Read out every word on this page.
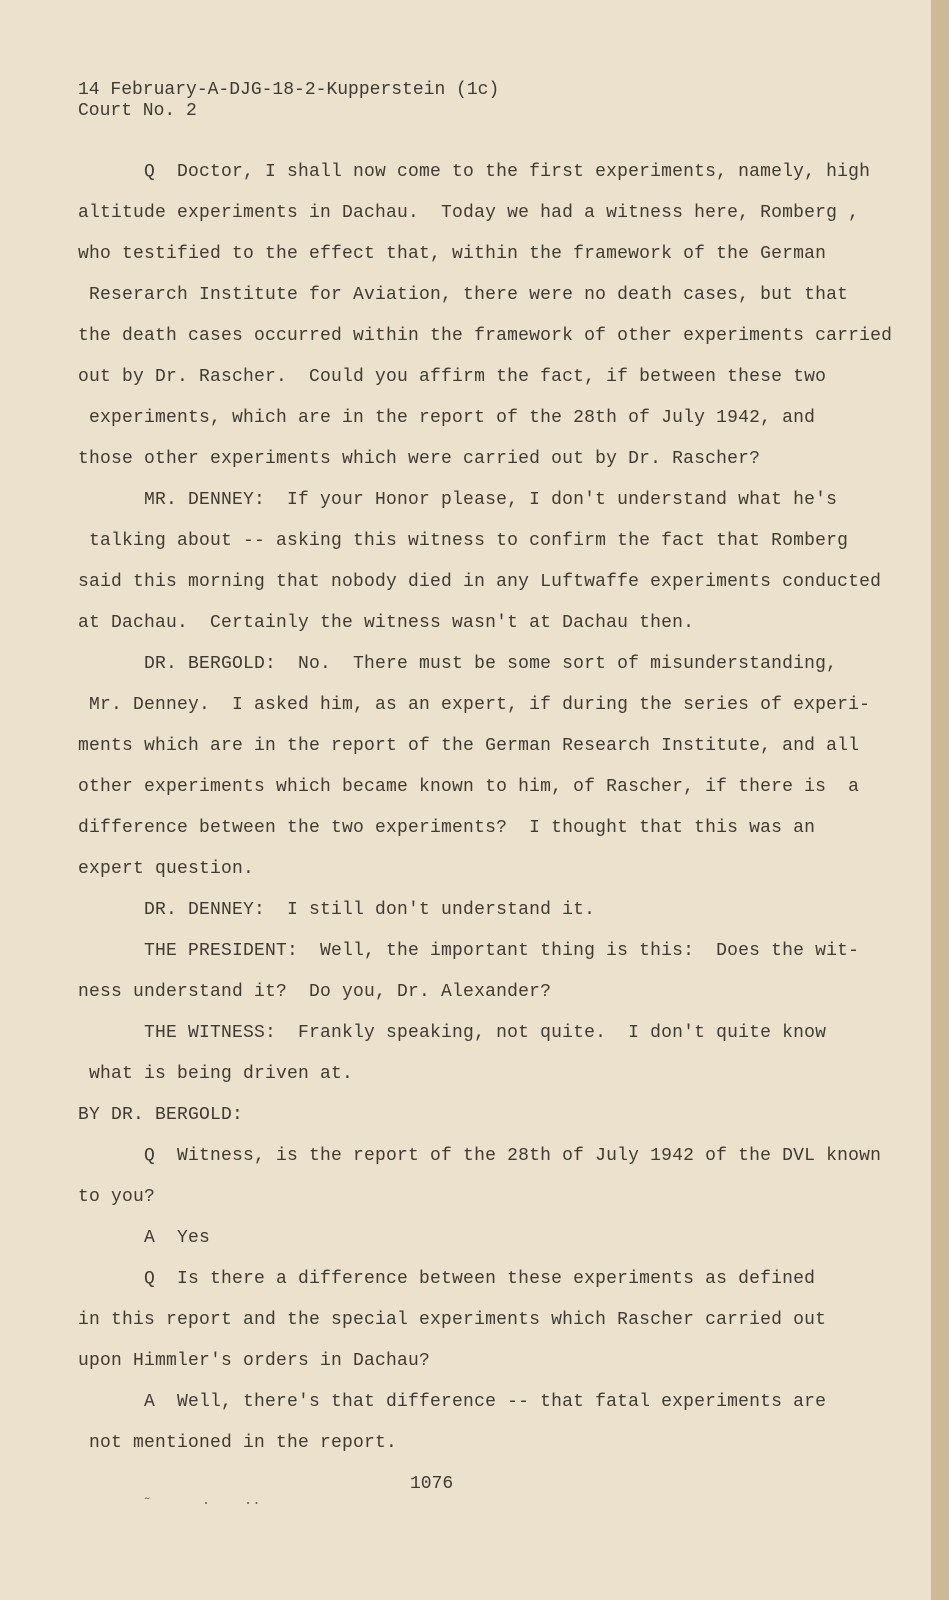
14 February-A-DJG-18-2-Kupperstein (1c)
Court No. 2
Q  Doctor, I shall now come to the first experiments, namely, high
altitude experiments in Dachau.  Today we had a witness here, Romberg ,
who testified to the effect that, within the framework of the German
Reserarch Institute for Aviation, there were no death cases, but that
the death cases occurred within the framework of other experiments carried
out by Dr. Rascher.  Could you affirm the fact, if between these two
experiments, which are in the report of the 28th of July 1942, and
those other experiments which were carried out by Dr. Rascher?
MR. DENNEY:  If your Honor please, I don't understand what he's
talking about -- asking this witness to confirm the fact that Romberg
said this morning that nobody died in any Luftwaffe experiments conducted
at Dachau.  Certainly the witness wasn't at Dachau then.
DR. BERGOLD:  No.  There must be some sort of misunderstanding,
Mr. Denney.  I asked him, as an expert, if during the series of experi-
ments which are in the report of the German Research Institute, and all
other experiments which became known to him, of Rascher, if there is  a
difference between the two experiments?  I thought that this was an
expert question.
DR. DENNEY:  I still don't understand it.
THE PRESIDENT:  Well, the important thing is this:  Does the wit-
ness understand it?  Do you, Dr. Alexander?
THE WITNESS:  Frankly speaking, not quite.  I don't quite know
what is being driven at.
BY DR. BERGOLD:
Q  Witness, is the report of the 28th of July 1942 of the DVL known
to you?
A  Yes
Q  Is there a difference between these experiments as defined
in this report and the special experiments which Rascher carried out
upon Himmler's orders in Dachau?
A  Well, there's that difference -- that fatal experiments are
not mentioned in the report.
1076
˜      ·    ··
